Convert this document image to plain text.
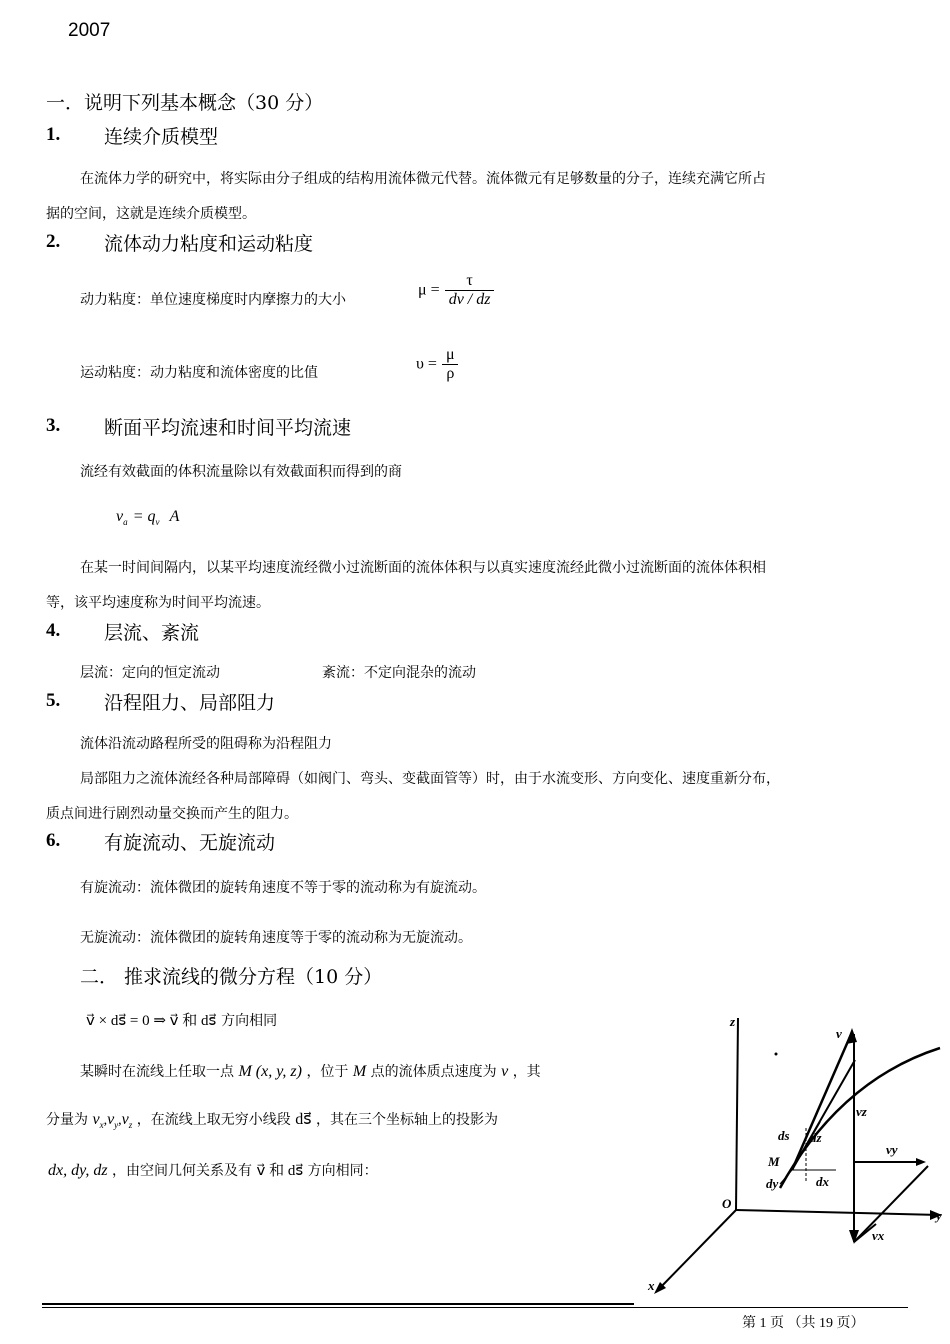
2007
一．说明下列基本概念（30 分）
1. 连续介质模型
在流体力学的研究中，将实际由分子组成的结构用流体微元代替。流体微元有足够数量的分子，连续充满它所占
据的空间，这就是连续介质模型。
2. 流体动力粘度和运动粘度
动力粘度：单位速度梯度时内摩擦力的大小
$\mu = \frac{\tau}{dv / dz}$
运动粘度：动力粘度和流体密度的比值
$\upsilon = \frac{\mu}{\rho}$
3. 断面平均流速和时间平均流速
流经有效截面的体积流量除以有效截面积而得到的商
$v_a = q_v$ A
在某一时间间隔内，以某平均速度流经微小过流断面的流体体积与以真实速度流经此微小过流断面的流体体积相
等，该平均速度称为时间平均流速。
4. 层流、紊流
层流：定向的恒定流动	紊流：不定向混杂的流动
5. 沿程阻力、局部阻力
流体沿流动路程所受的阻碍称为沿程阻力
局部阻力之流体流经各种局部障碍（如阀门、弯头、变截面管等）时，由于水流变形、方向变化、速度重新分布，
质点间进行剧烈动量交换而产生的阻力。
6. 有旋流动、无旋流动
有旋流动：流体微团的旋转角速度不等于零的流动称为有旋流动。
无旋流动：流体微团的旋转角速度等于零的流动称为无旋流动。
二． 推求流线的微分方程（10 分）
v⃗ × ds⃗ = 0 ⇒ v⃗ 和 ds⃗ 方向相同
某瞬时在流线上任取一点 M (x, y, z) ，位于 M 点的流体质点速度为 v ，其
分量为 $v_x,v_y,v_z$ ，在流线上取无穷小线段 ds⃗ ，其在三个坐标轴上的投影为
dx, dy, dz ，由空间几何关系及有 v⃗ 和 ds⃗ 方向相同：
z
v
vz
ds dz
vy
M
dy	dx
O
y
vx
x
第 1 页 （共 19 页）
